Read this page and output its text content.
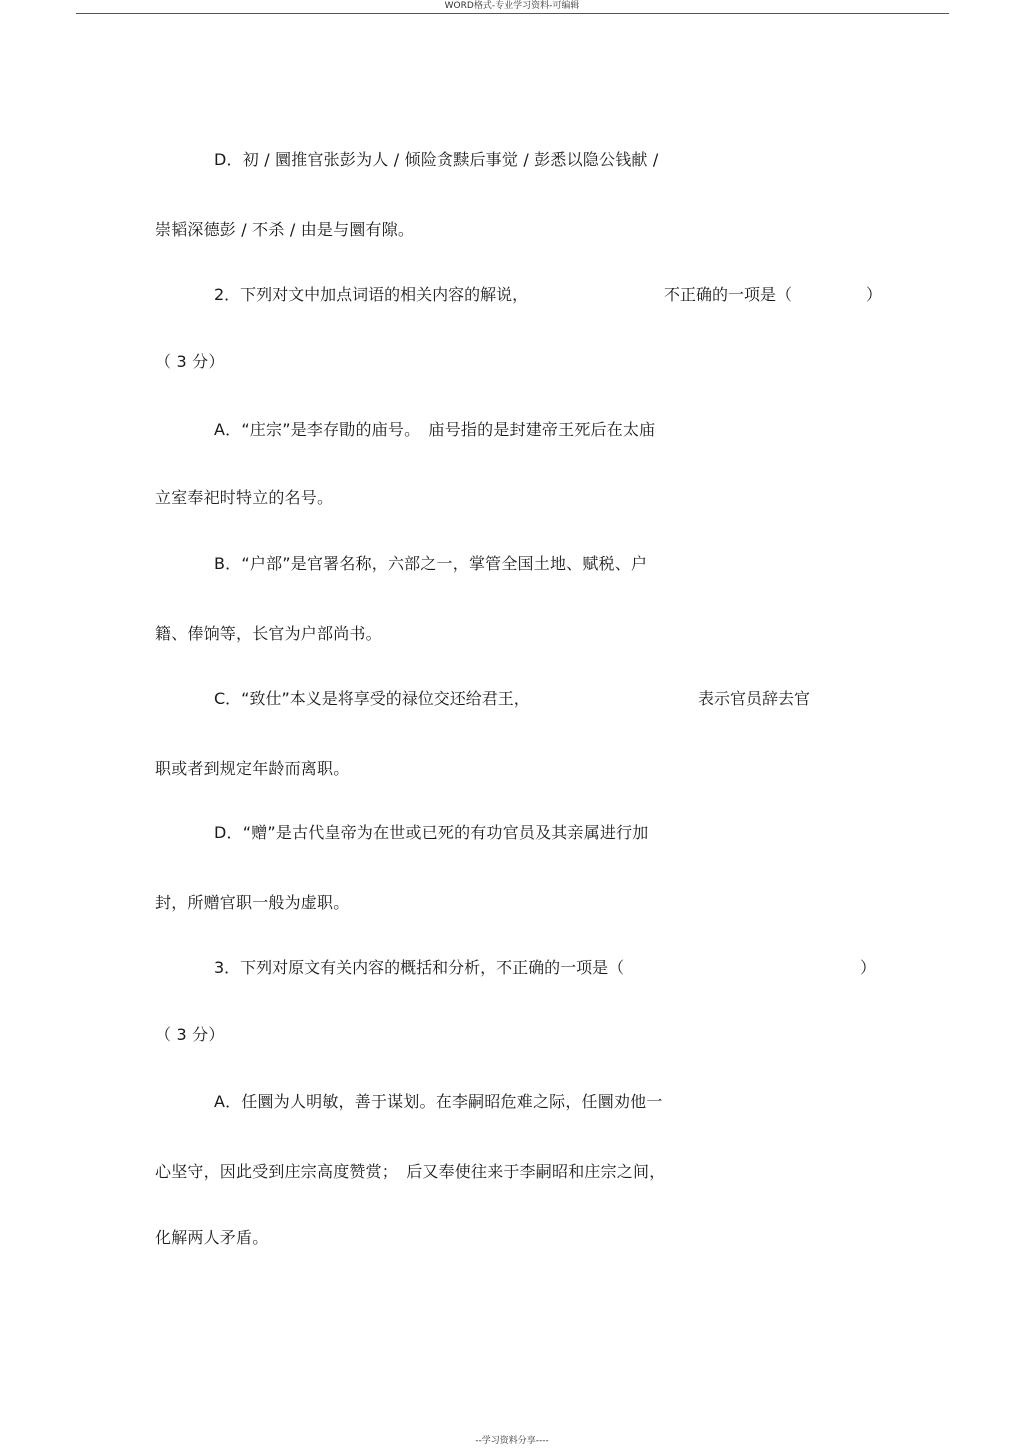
WORD格式-专业学习资料-可编辑
D．初 / 圜推官张彭为人 / 倾险贪黩后事觉 / 彭悉以隐公钱献 /
崇韬深德彭 / 不杀 / 由是与圜有隙。
2．下列对文中加点词语的相关内容的解说，	不正确的一项是（	）
（ 3 分）
A．“庄宗”是李存勖的庙号。　庙号指的是封建帝王死后在太庙
立室奉祀时特立的名号。
B．“户部”是官署名称，六部之一，掌管全国土地、赋税、户
籍、俸饷等，长官为户部尚书。
C．“致仕”本义是将享受的禄位交还给君王，	表示官员辞去官
职或者到规定年龄而离职。
D．“赠”是古代皇帝为在世或已死的有功官员及其亲属进行加
封，所赠官职一般为虚职。
3．下列对原文有关内容的概括和分析，不正确的一项是（	）
（ 3 分）
A．任圜为人明敏，善于谋划。在李嗣昭危难之际，任圜劝他一
心坚守，因此受到庄宗高度赞赏；　后又奉使往来于李嗣昭和庄宗之间，
化解两人矛盾。
--学习资料分享----
